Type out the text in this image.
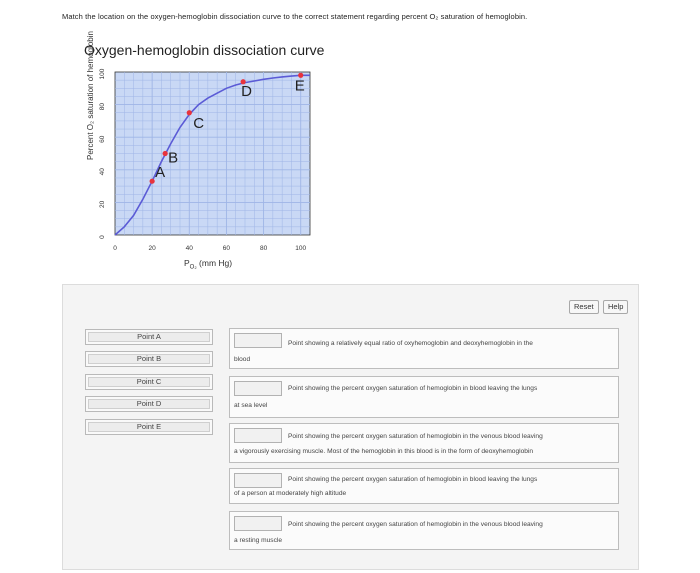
Match the location on the oxygen-hemoglobin dissociation curve to the correct statement regarding percent O₂ saturation of hemoglobin.
Oxygen-hemoglobin dissociation curve
0	20	40	60	80	100
0
20
40
60
80
100
A
B
C
D	E
Percent O₂ saturation of hemoglobin
$P_{O_2}$ (mm Hg)
Reset	Help
Point A
Point B
Point C
Point D
Point E
Point showing a relatively equal ratio of oxyhemoglobin and deoxyhemoglobin in the
blood
Point showing the percent oxygen saturation of hemoglobin in blood leaving the lungs
at sea level
Point showing the percent oxygen saturation of hemoglobin in the venous blood leaving
a vigorously exercising muscle. Most of the hemoglobin in this blood is in the form of deoxyhemoglobin
Point showing the percent oxygen saturation of hemoglobin in blood leaving the lungs
of a person at moderately high altitude
Point showing the percent oxygen saturation of hemoglobin in the venous blood leaving
a resting muscle
